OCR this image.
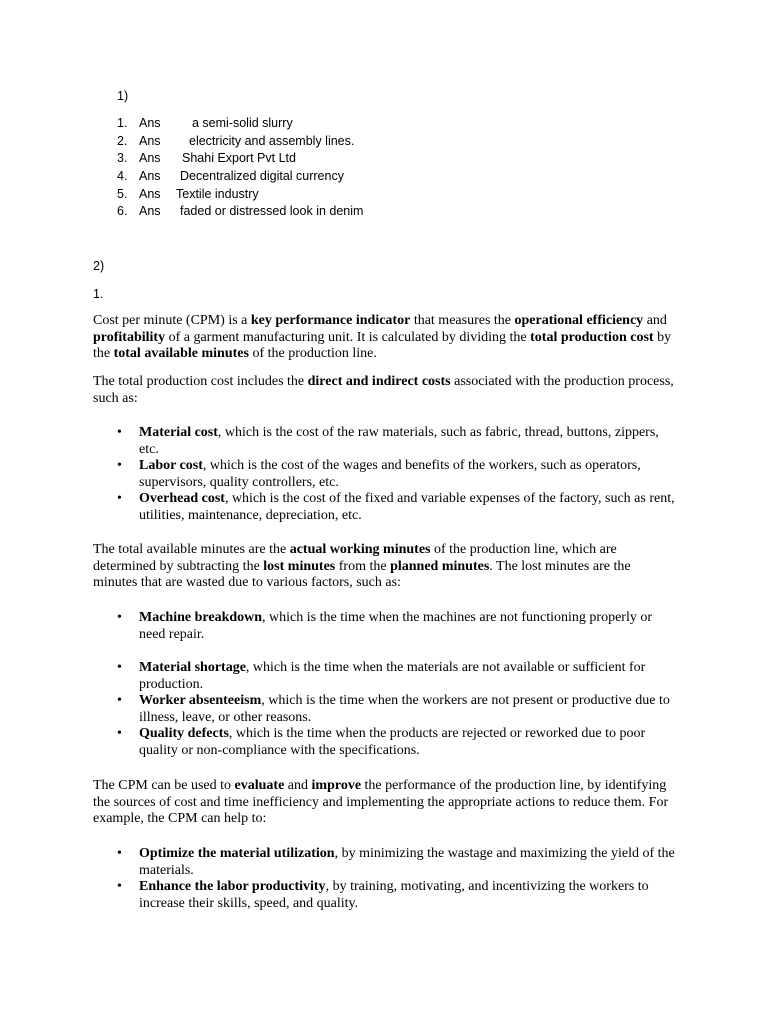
1)
1. Ans	a semi-solid slurry
2. Ans electricity and assembly lines.
3. Ans Shahi Export Pvt Ltd
4. Ans Decentralized digital currency
5. Ans Textile industry
6. Ans faded or distressed look in denim
2)
1.

Cost per minute (CPM) is a key performance indicator that measures the operational efficiency and profitability of a garment manufacturing unit. It is calculated by dividing the total production cost by the total available minutes of the production line.

The total production cost includes the direct and indirect costs associated with the production process, such as:

• Material cost, which is the cost of the raw materials, such as fabric, thread, buttons, zippers, etc.
• Labor cost, which is the cost of the wages and benefits of the workers, such as operators, supervisors, quality controllers, etc.
• Overhead cost, which is the cost of the fixed and variable expenses of the factory, such as rent, utilities, maintenance, depreciation, etc.

The total available minutes are the actual working minutes of the production line, which are determined by subtracting the lost minutes from the planned minutes. The lost minutes are the minutes that are wasted due to various factors, such as:

• Machine breakdown, which is the time when the machines are not functioning properly or need repair.
• Material shortage, which is the time when the materials are not available or sufficient for production.
• Worker absenteeism, which is the time when the workers are not present or productive due to illness, leave, or other reasons.
• Quality defects, which is the time when the products are rejected or reworked due to poor quality or non-compliance with the specifications.

The CPM can be used to evaluate and improve the performance of the production line, by identifying the sources of cost and time inefficiency and implementing the appropriate actions to reduce them. For example, the CPM can help to:

• Optimize the material utilization, by minimizing the wastage and maximizing the yield of the materials.
• Enhance the labor productivity, by training, motivating, and incentivizing the workers to increase their skills, speed, and quality.
